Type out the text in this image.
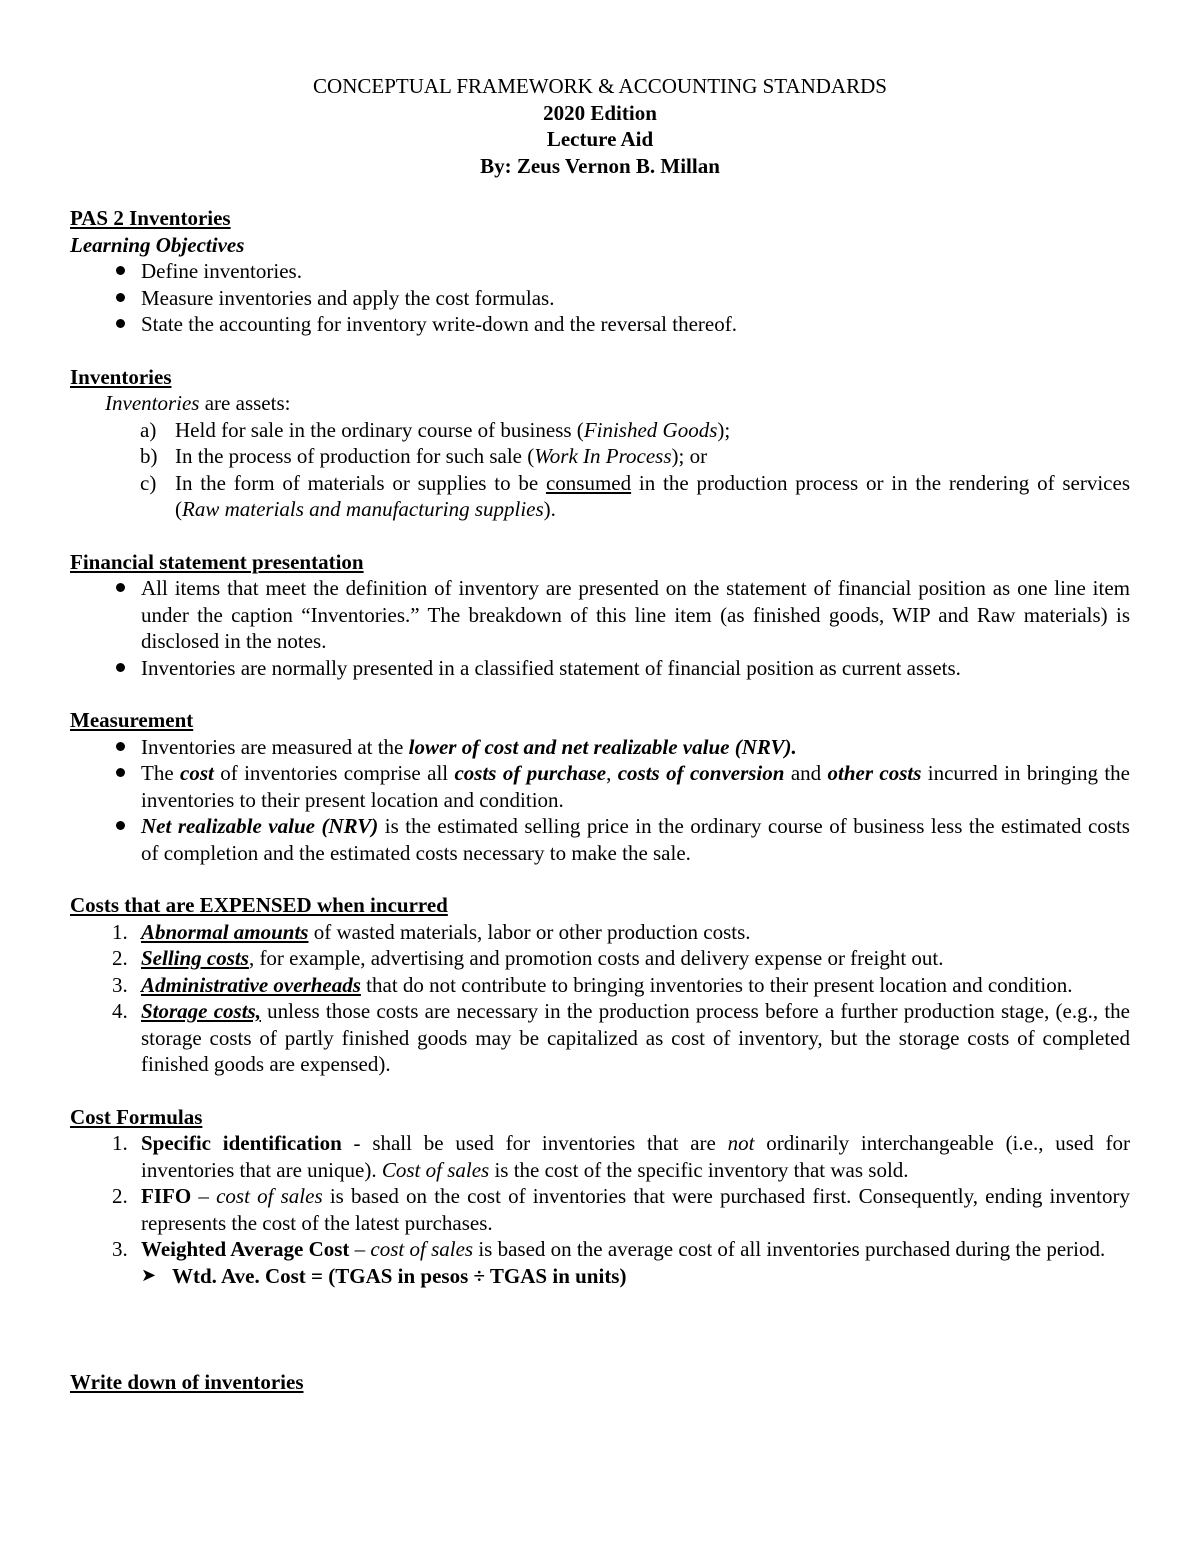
CONCEPTUAL FRAMEWORK & ACCOUNTING STANDARDS
2020 Edition
Lecture Aid
By: Zeus Vernon B. Millan
PAS 2 Inventories
Learning Objectives
Define inventories.
Measure inventories and apply the cost formulas.
State the accounting for inventory write-down and the reversal thereof.
Inventories
Inventories are assets:
a) Held for sale in the ordinary course of business (Finished Goods);
b) In the process of production for such sale (Work In Process); or
c) In the form of materials or supplies to be consumed in the production process or in the rendering of services (Raw materials and manufacturing supplies).
Financial statement presentation
All items that meet the definition of inventory are presented on the statement of financial position as one line item under the caption “Inventories.” The breakdown of this line item (as finished goods, WIP and Raw materials) is disclosed in the notes.
Inventories are normally presented in a classified statement of financial position as current assets.
Measurement
Inventories are measured at the lower of cost and net realizable value (NRV).
The cost of inventories comprise all costs of purchase, costs of conversion and other costs incurred in bringing the inventories to their present location and condition.
Net realizable value (NRV) is the estimated selling price in the ordinary course of business less the estimated costs of completion and the estimated costs necessary to make the sale.
Costs that are EXPENSED when incurred
1. Abnormal amounts of wasted materials, labor or other production costs.
2. Selling costs, for example, advertising and promotion costs and delivery expense or freight out.
3. Administrative overheads that do not contribute to bringing inventories to their present location and condition.
4. Storage costs, unless those costs are necessary in the production process before a further production stage, (e.g., the storage costs of partly finished goods may be capitalized as cost of inventory, but the storage costs of completed finished goods are expensed).
Cost Formulas
1. Specific identification - shall be used for inventories that are not ordinarily interchangeable (i.e., used for inventories that are unique). Cost of sales is the cost of the specific inventory that was sold.
2. FIFO – cost of sales is based on the cost of inventories that were purchased first. Consequently, ending inventory represents the cost of the latest purchases.
3. Weighted Average Cost – cost of sales is based on the average cost of all inventories purchased during the period.
➤ Wtd. Ave. Cost = (TGAS in pesos ÷ TGAS in units)
Write down of inventories
